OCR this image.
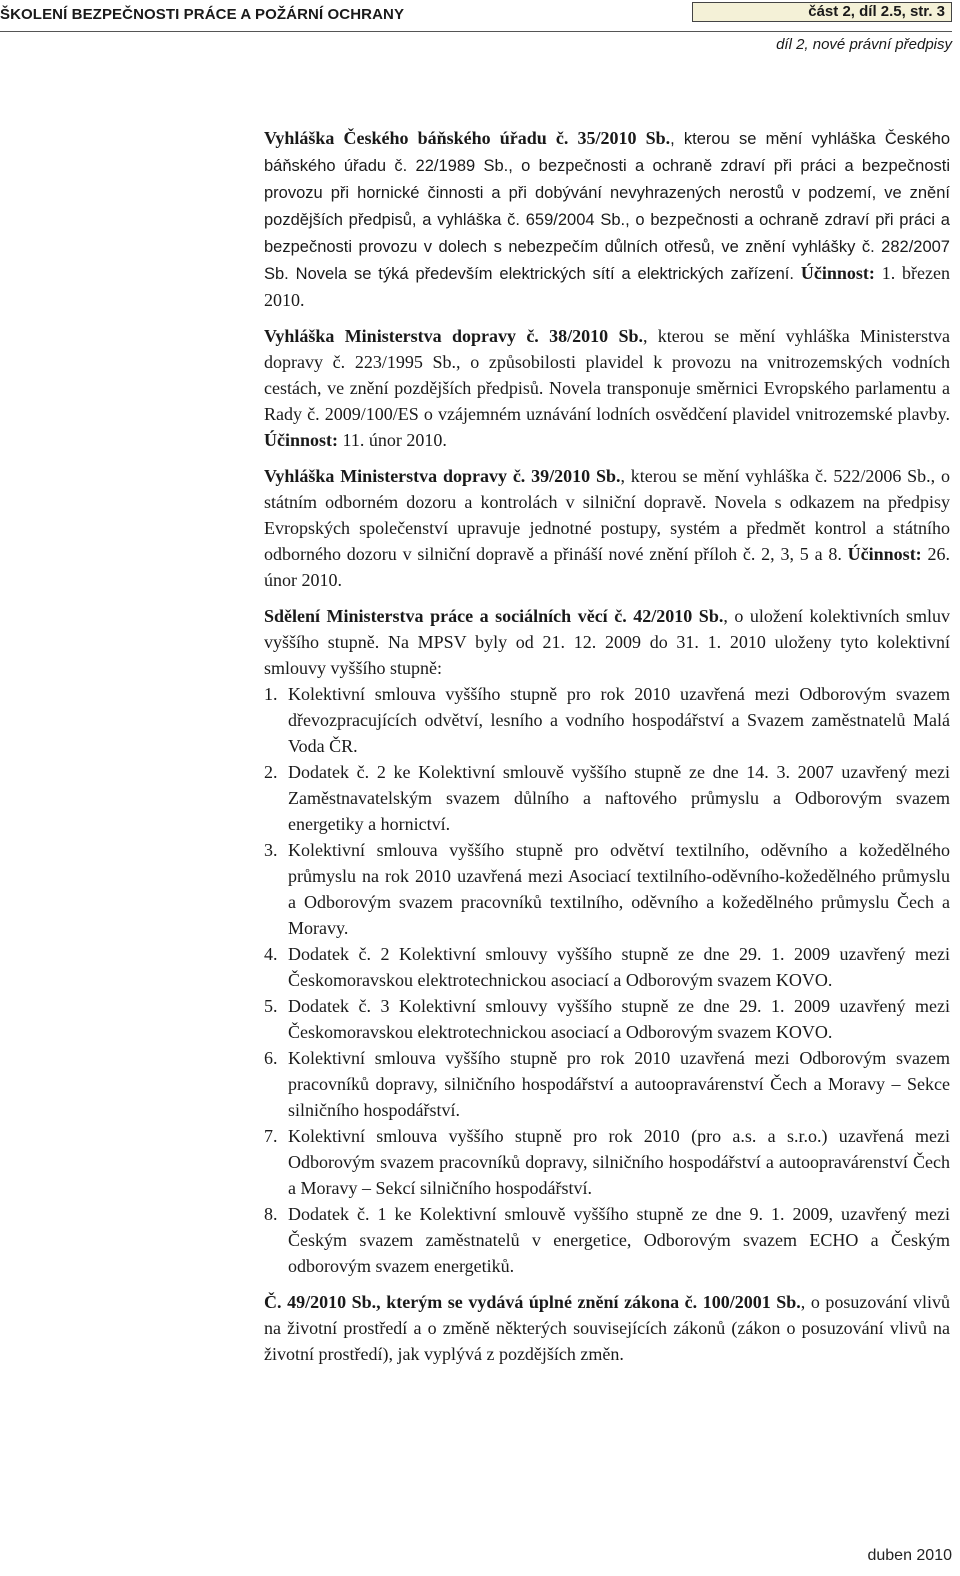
ŠKOLENÍ BEZPEČNOSTI PRÁCE A POŽÁRNÍ OCHRANY	část 2, díl 2.5, str. 3
díl 2, nové právní předpisy

Vyhláška Českého báňského úřadu č. 35/2010 Sb., kterou se mění vyhláška Českého báňského úřadu č. 22/1989 Sb., o bezpečnosti a ochraně zdraví při práci a bezpečnosti provozu při hornické činnosti a při dobývání nevyhrazených nerostů v podzemí, ve znění pozdějších předpisů, a vyhláška č. 659/2004 Sb., o bezpečnosti a ochraně zdraví při práci a bezpečnosti provozu v dolech s nebezpečím důlních otřesů, ve znění vyhlášky č. 282/2007 Sb. Novela se týká především elektrických sítí a elektrických zařízení. Účinnost: 1. březen 2010.

Vyhláška Ministerstva dopravy č. 38/2010 Sb., kterou se mění vyhláška Ministerstva dopravy č. 223/1995 Sb., o způsobilosti plavidel k provozu na vnitrozemských vodních cestách, ve znění pozdějších předpisů. Novela transponuje směrnici Evropského parlamentu a Rady č. 2009/100/ES o vzájemném uznávání lodních osvědčení plavidel vnitrozemské plavby. Účinnost: 11. únor 2010.

Vyhláška Ministerstva dopravy č. 39/2010 Sb., kterou se mění vyhláška č. 522/2006 Sb., o státním odborném dozoru a kontrolách v silniční dopravě. Novela s odkazem na předpisy Evropských společenství upravuje jednotné postupy, systém a předmět kontrol a státního odborného dozoru v silniční dopravě a přináší nové znění příloh č. 2, 3, 5 a 8. Účinnost: 26. únor 2010.

Sdělení Ministerstva práce a sociálních věcí č. 42/2010 Sb., o uložení kolektivních smluv vyššího stupně. Na MPSV byly od 21. 12. 2009 do 31. 1. 2010 uloženy tyto kolektivní smlouvy vyššího stupně:

1. Kolektivní smlouva vyššího stupně pro rok 2010 uzavřená mezi Odborovým svazem dřevozpracujících odvětví, lesního a vodního hospodářství a Svazem zaměstnatelů Malá Voda ČR.
2. Dodatek č. 2 ke Kolektivní smlouvě vyššího stupně ze dne 14. 3. 2007 uzavřený mezi Zaměstnavatelským svazem důlního a naftového průmyslu a Odborovým svazem energetiky a hornictví.
3. Kolektivní smlouva vyššího stupně pro odvětví textilního, oděvního a kožedělného průmyslu na rok 2010 uzavřená mezi Asociací textilního-oděvního-kožedělného průmyslu a Odborovým svazem pracovníků textilního, oděvního a kožedělného průmyslu Čech a Moravy.
4. Dodatek č. 2 Kolektivní smlouvy vyššího stupně ze dne 29. 1. 2009 uzavřený mezi Českomoravskou elektrotechnickou asociací a Odborovým svazem KOVO.
5. Dodatek č. 3 Kolektivní smlouvy vyššího stupně ze dne 29. 1. 2009 uzavřený mezi Českomoravskou elektrotechnickou asociací a Odborovým svazem KOVO.
6. Kolektivní smlouva vyššího stupně pro rok 2010 uzavřená mezi Odborovým svazem pracovníků dopravy, silničního hospodářství a autoopravárenství Čech a Moravy – Sekce silničního hospodářství.
7. Kolektivní smlouva vyššího stupně pro rok 2010 (pro a.s. a s.r.o.) uzavřená mezi Odborovým svazem pracovníků dopravy, silničního hospodářství a autoopravárenství Čech a Moravy – Sekcí silničního hospodářství.
8. Dodatek č. 1 ke Kolektivní smlouvě vyššího stupně ze dne 9. 1. 2009, uzavřený mezi Českým svazem zaměstnatelů v energetice, Odborovým svazem ECHO a Českým odborovým svazem energetiků.

Č. 49/2010 Sb., kterým se vydává úplné znění zákona č. 100/2001 Sb., o posuzování vlivů na životní prostředí a o změně některých souvisejících zákonů (zákon o posuzování vlivů na životní prostředí), jak vyplývá z pozdějších změn.

duben 2010
